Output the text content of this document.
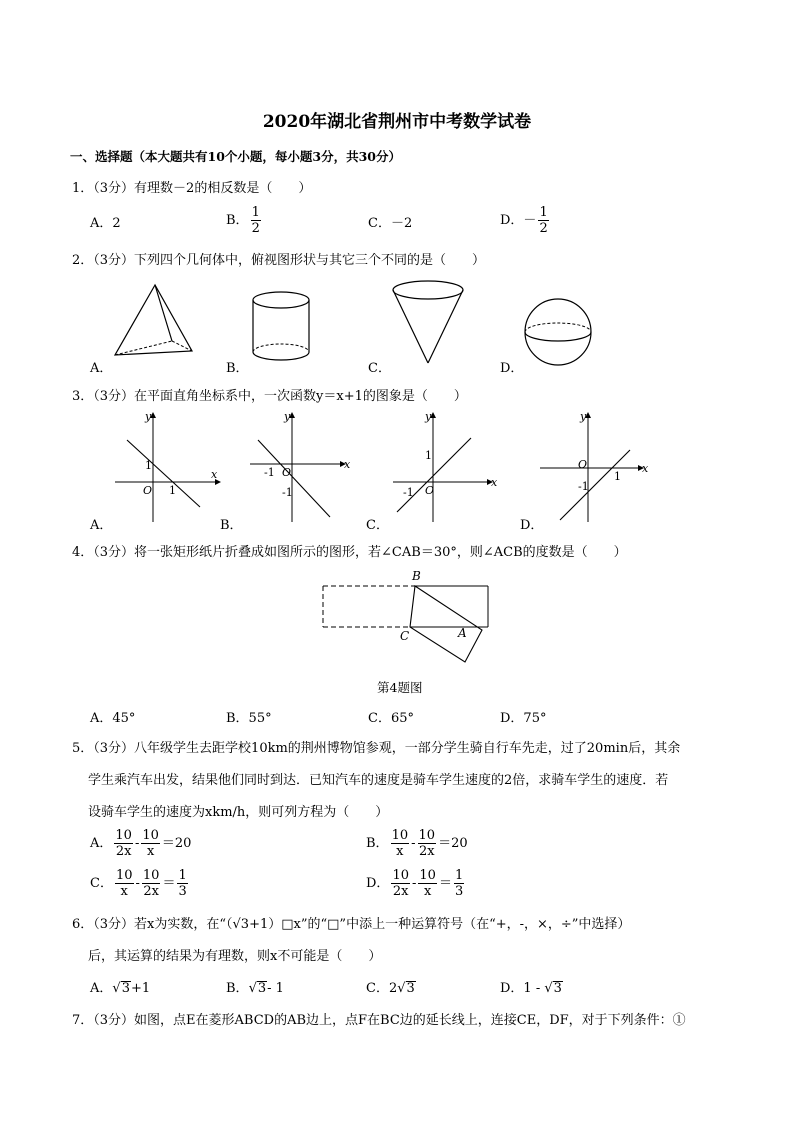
2020年湖北省荆州市中考数学试卷
一、选择题（本大题共有10个小题，每小题3分，共30分）
1．（3分）有理数－2的相反数是（　　）
A．2	B． $\frac{1}{2}$	C．－2	D．－ $\frac{1}{2}$
2．（3分）下列四个几何体中，俯视图形状与其它三个不同的是（　　）
A．	B．	C．	D．
3．（3分）在平面直角坐标系中，一次函数y＝x+1的图象是（　　）
A．	B．	C．	D．
y
x
O
1
1
y
x
O
-1
-1
y
x
O
1
-1
y
x
O
1
-1
4．（3分）将一张矩形纸片折叠成如图所示的图形，若∠CAB＝30°，则∠ACB的度数是（　　）
B
C	A
第4题图
A．45°	B．55°	C．65°	D．75°
5．（3分）八年级学生去距学校10km的荆州博物馆参观，一部分学生骑自行车先走，过了20min后，其余
学生乘汽车出发，结果他们同时到达．已知汽车的速度是骑车学生速度的2倍，求骑车学生的速度．若
设骑车学生的速度为xkm/h，则可列方程为（　　）
A． $\frac{10}{2x} - \frac{10}{x} =20$	B． $\frac{10}{x} - \frac{10}{2x} =20$
C． $\frac{10}{x} - \frac{10}{2x} = \frac{1}{3}$	D． $\frac{10}{2x} - \frac{10}{x} = \frac{1}{3}$
6．（3分）若x为实数，在“（√3+1）□x”的“□”中添上一种运算符号（在“+，-，×，÷”中选择）
后，其运算的结果为有理数，则x不可能是（　　）
A．√3+1	B．√3- 1	C．2√3	D．1 - √3
7．（3分）如图，点E在菱形ABCD的AB边上，点F在BC边的延长线上，连接CE，DF，对于下列条件：①
